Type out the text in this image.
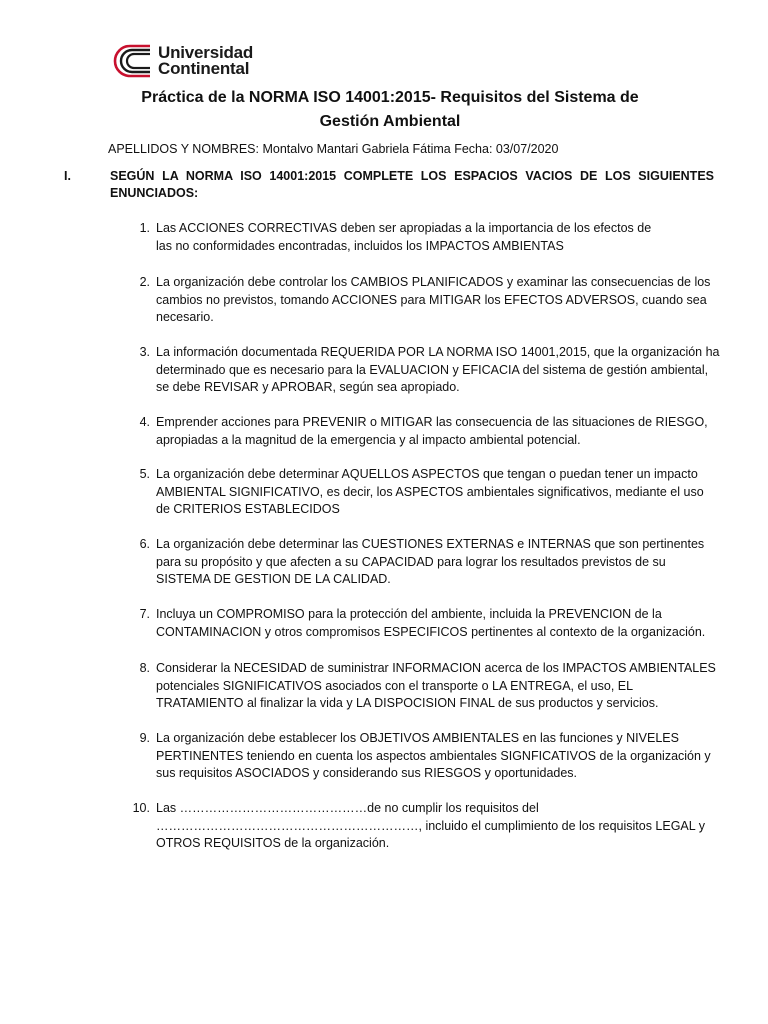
Universidad
Continental
Práctica de la NORMA ISO 14001:2015- Requisitos del Sistema de
Gestión Ambiental
APELLIDOS Y NOMBRES: Montalvo Mantari Gabriela Fátima Fecha: 03/07/2020
I.	SEGÚN LA NORMA ISO 14001:2015 COMPLETE LOS ESPACIOS VACIOS DE LOS SIGUIENTES ENUNCIADOS:
1. Las ACCIONES CORRECTIVAS deben ser apropiadas a la importancia de los efectos de
las no conformidades encontradas, incluidos los IMPACTOS AMBIENTAS
2. La organización debe controlar los CAMBIOS PLANIFICADOS y examinar las consecuencias de los cambios no previstos, tomando ACCIONES para MITIGAR los EFECTOS ADVERSOS, cuando sea necesario.
3. La información documentada REQUERIDA POR LA NORMA ISO 14001,2015, que la organización ha determinado que es necesario para la EVALUACION y EFICACIA del sistema de gestión ambiental, se debe REVISAR y APROBAR, según sea apropiado.
4. Emprender acciones para PREVENIR o MITIGAR las consecuencia de las situaciones de RIESGO, apropiadas a la magnitud de la emergencia y al impacto ambiental potencial.
5. La organización debe determinar AQUELLOS ASPECTOS que tengan o puedan tener un impacto AMBIENTAL SIGNIFICATIVO, es decir, los ASPECTOS ambientales significativos, mediante el uso de CRITERIOS ESTABLECIDOS
6. La organización debe determinar las CUESTIONES EXTERNAS e INTERNAS que son pertinentes para su propósito y que afecten a su CAPACIDAD para lograr los resultados previstos de su SISTEMA DE GESTION DE LA CALIDAD.
7. Incluya un COMPROMISO para la protección del ambiente, incluida la PREVENCION de la CONTAMINACION y otros compromisos ESPECIFICOS pertinentes al contexto de la organización.
8. Considerar la NECESIDAD de suministrar INFORMACION acerca de los IMPACTOS AMBIENTALES potenciales SIGNIFICATIVOS asociados con el transporte o LA ENTREGA, el uso, EL TRATAMIENTO al finalizar la vida y LA DISPOCISION FINAL de sus productos y servicios.
9. La organización debe establecer los OBJETIVOS AMBIENTALES en las funciones y NIVELES PERTINENTES teniendo en cuenta los aspectos ambientales SIGNFICATIVOS de la organización y sus requisitos ASOCIADOS y considerando sus RIESGOS y oportunidades.
10. Las ………………………………………de no cumplir los requisitos del ………………………………………………………, incluido el cumplimiento de los requisitos LEGAL y OTROS REQUISITOS de la organización.
